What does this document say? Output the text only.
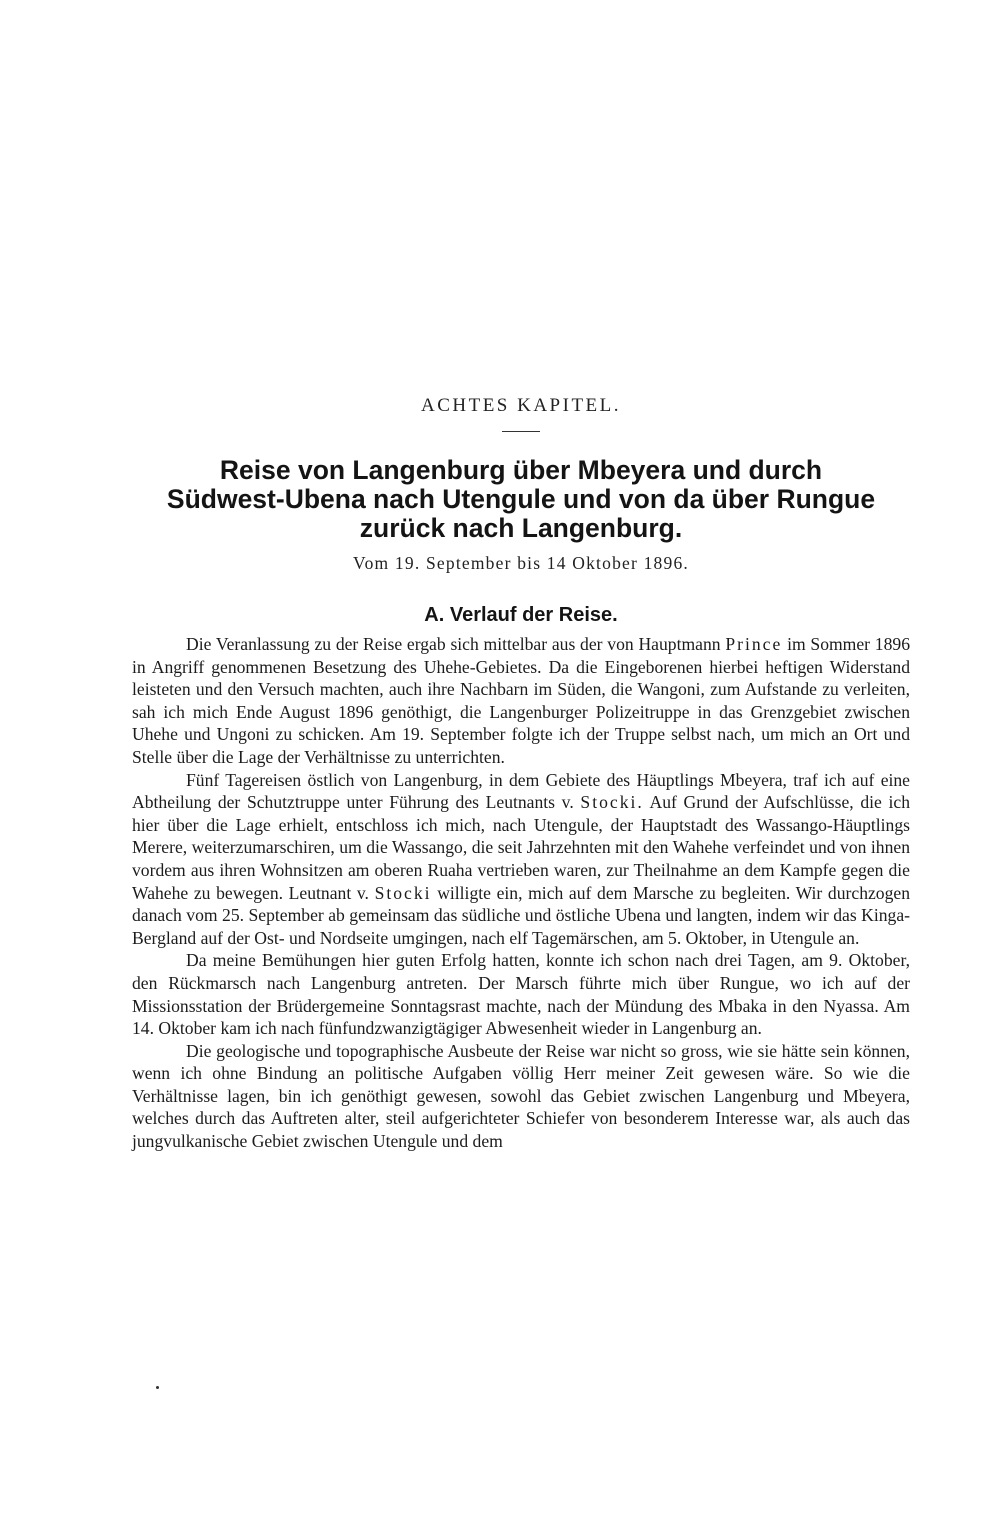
ACHTES KAPITEL.
Reise von Langenburg über Mbeyera und durch
Südwest-Ubena nach Utengule und von da über Rungue
zurück nach Langenburg.
Vom 19. September bis 14 Oktober 1896.
A. Verlauf der Reise.

Die Veranlassung zu der Reise ergab sich mittelbar aus der von Hauptmann Prince im Sommer 1896 in Angriff genommenen Besetzung des Uhehe-Gebietes. Da die Eingeborenen hierbei heftigen Widerstand leisteten und den Versuch machten, auch ihre Nachbarn im Süden, die Wangoni, zum Aufstande zu verleiten, sah ich mich Ende August 1896 genöthigt, die Langenburger Polizeitruppe in das Grenzgebiet zwischen Uhehe und Ungoni zu schicken. Am 19. September folgte ich der Truppe selbst nach, um mich an Ort und Stelle über die Lage der Verhältnisse zu unterrichten.

Fünf Tagereisen östlich von Langenburg, in dem Gebiete des Häuptlings Mbeyera, traf ich auf eine Abtheilung der Schutztruppe unter Führung des Leutnants v. Stocki. Auf Grund der Aufschlüsse, die ich hier über die Lage erhielt, entschloss ich mich, nach Utengule, der Hauptstadt des Wassango-Häuptlings Merere, weiterzumarschiren, um die Wassango, die seit Jahrzehnten mit den Wahehe verfeindet und von ihnen vordem aus ihren Wohnsitzen am oberen Ruaha vertrieben waren, zur Theilnahme an dem Kampfe gegen die Wahehe zu bewegen. Leutnant v. Stocki willigte ein, mich auf dem Marsche zu begleiten. Wir durchzogen danach vom 25. September ab gemeinsam das südliche und östliche Ubena und langten, indem wir das Kinga-Bergland auf der Ost- und Nordseite umgingen, nach elf Tagemärschen, am 5. Oktober, in Utengule an.

Da meine Bemühungen hier guten Erfolg hatten, konnte ich schon nach drei Tagen, am 9. Oktober, den Rückmarsch nach Langenburg antreten. Der Marsch führte mich über Rungue, wo ich auf der Missionsstation der Brüdergemeine Sonntagsrast machte, nach der Mündung des Mbaka in den Nyassa. Am 14. Oktober kam ich nach fünfundzwanzigtägiger Abwesenheit wieder in Langenburg an.

Die geologische und topographische Ausbeute der Reise war nicht so gross, wie sie hätte sein können, wenn ich ohne Bindung an politische Aufgaben völlig Herr meiner Zeit gewesen wäre. So wie die Verhältnisse lagen, bin ich genöthigt gewesen, sowohl das Gebiet zwischen Langenburg und Mbeyera, welches durch das Auftreten alter, steil aufgerichteter Schiefer von besonderem Interesse war, als auch das jungvulkanische Gebiet zwischen Utengule und dem
